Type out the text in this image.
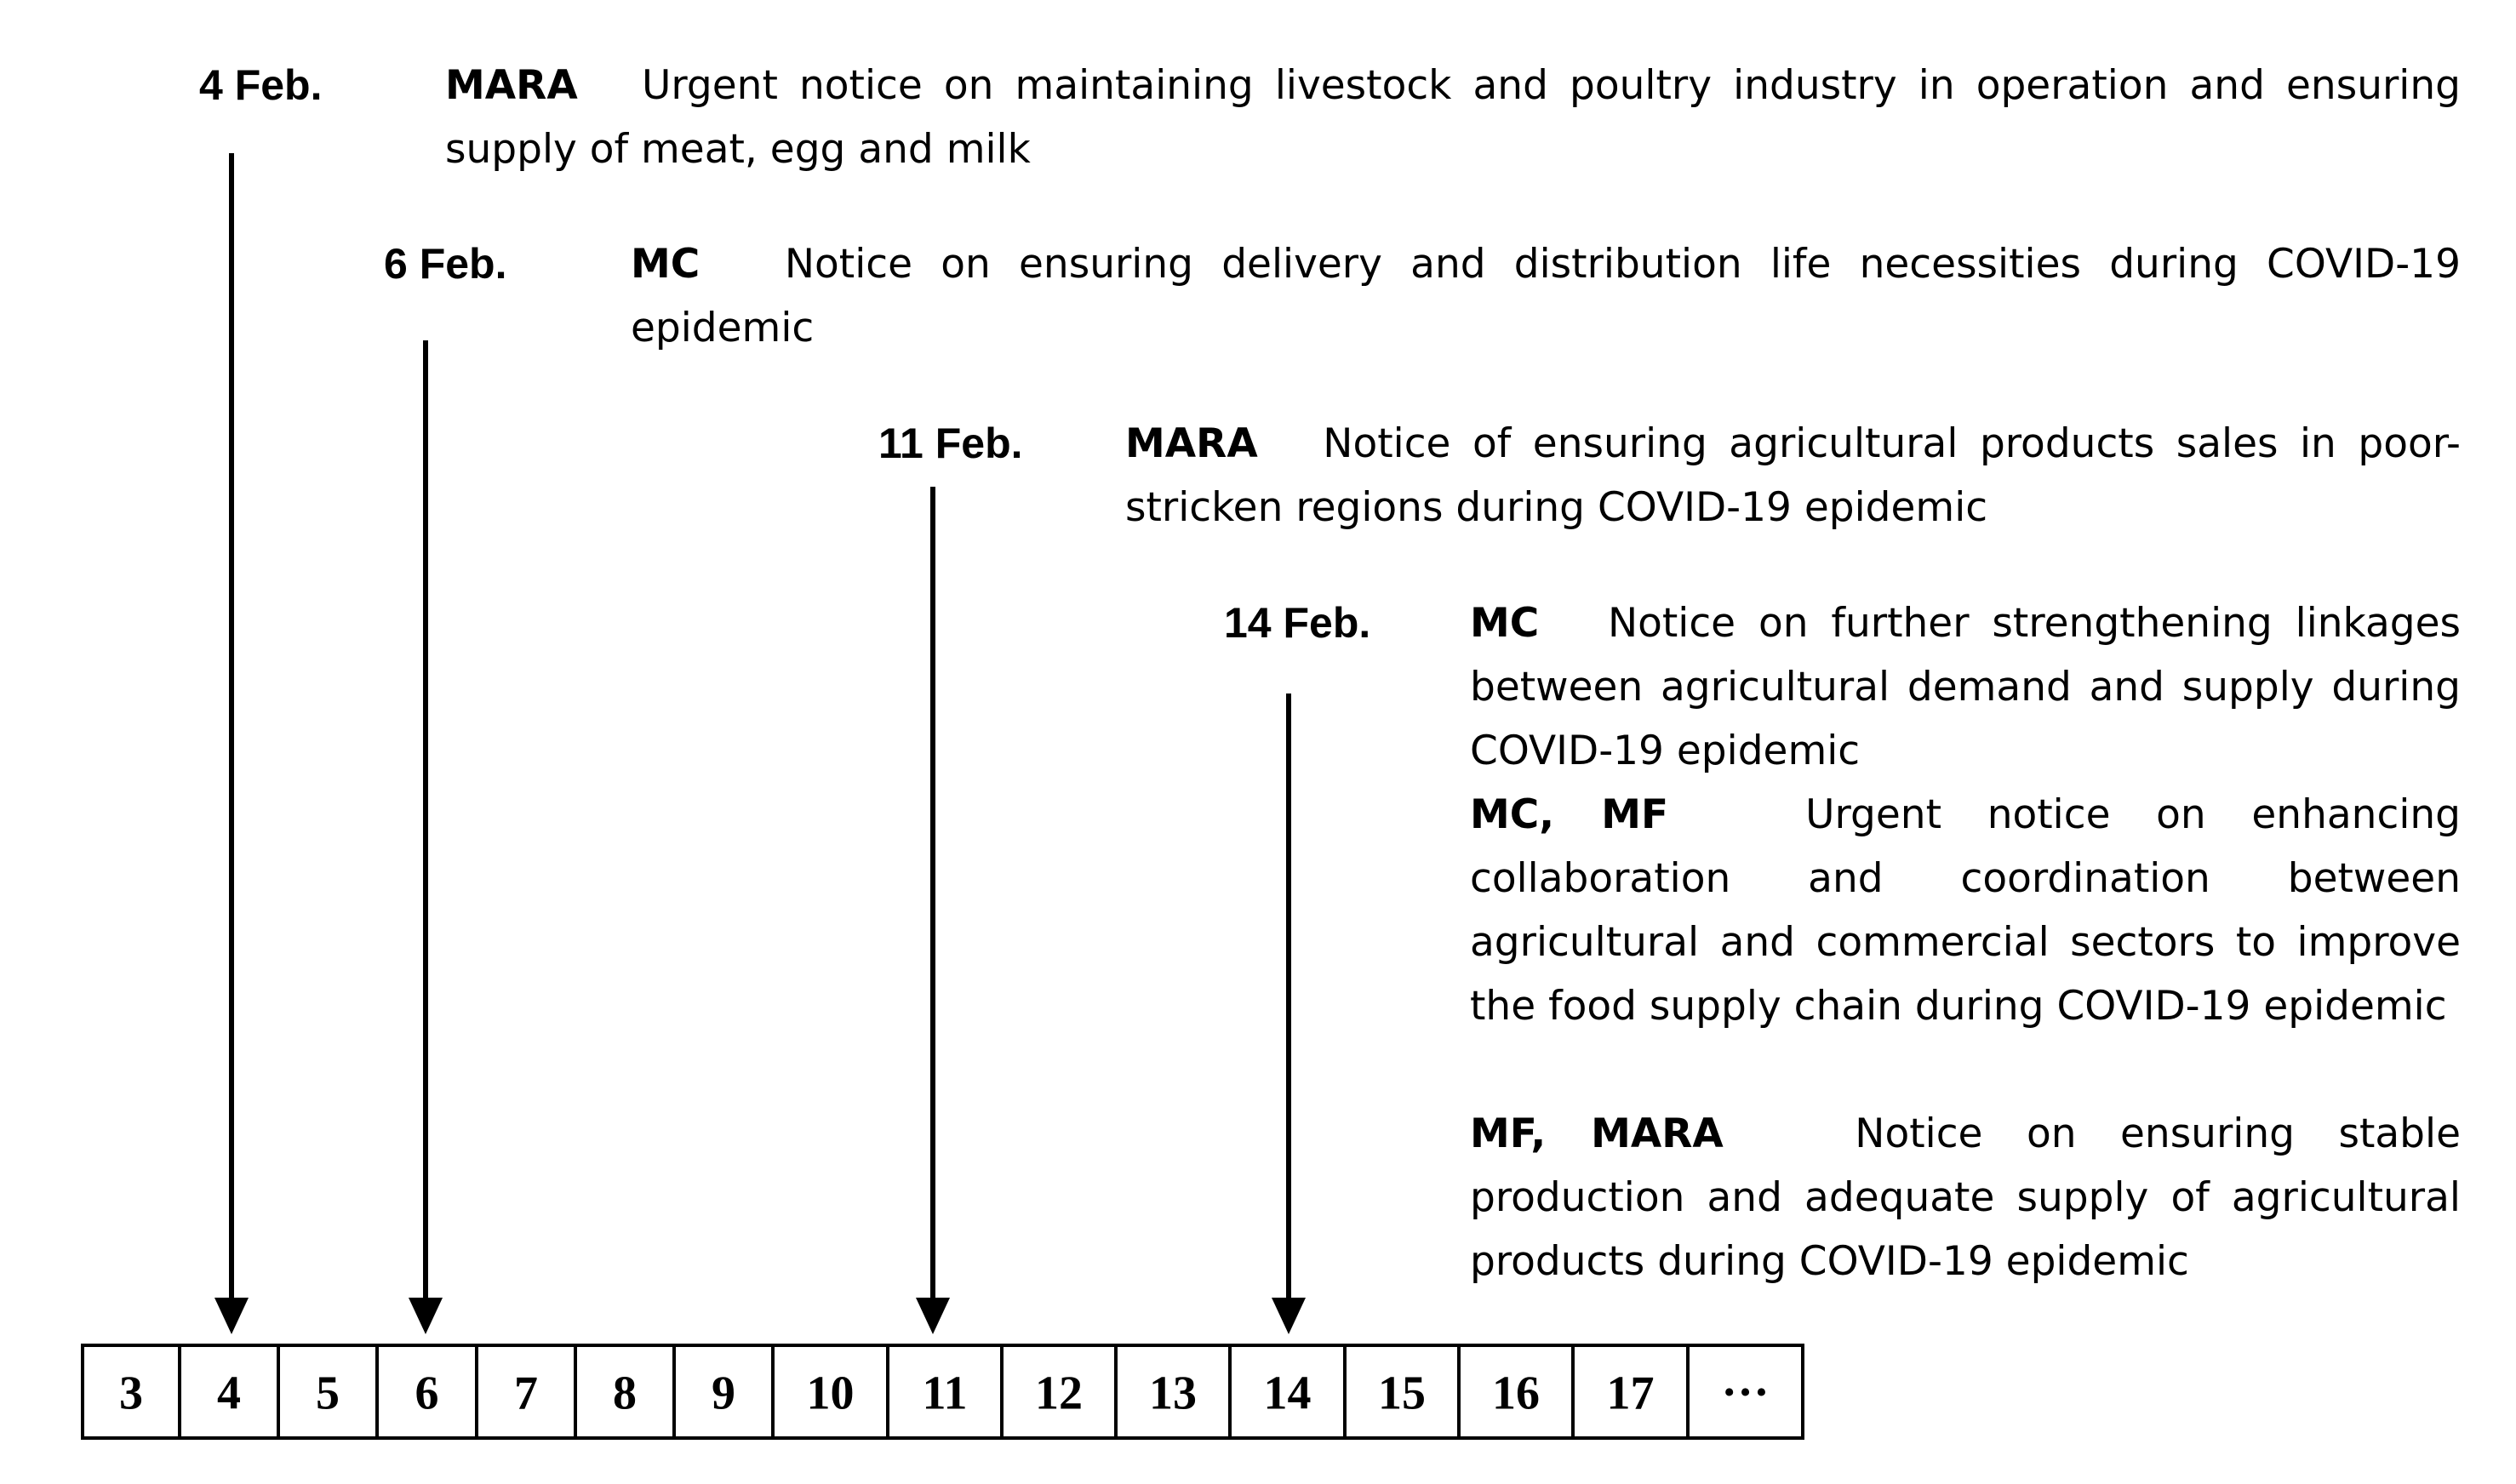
4 Feb.	MARA Urgent notice on maintaining livestock and poultry industry in operation and ensuring supply of meat, egg and milk
6 Feb.	MC Notice on ensuring delivery and distribution life necessities during COVID-19 epidemic
11 Feb.	MARA Notice of ensuring agricultural products sales in poor-stricken regions during COVID-19 epidemic
14 Feb. MC Notice on further strengthening linkages between agricultural demand and supply during COVID-19 epidemic
MC, MF	Urgent notice on enhancing collaboration and coordination between agricultural and commercial sectors to improve the food supply chain during COVID-19 epidemic
MF, MARA	Notice on ensuring stable production and adequate supply of agricultural products during COVID-19 epidemic
3 4 5 6 7 8 9 10 11 12 13 14 15 16 17 …
